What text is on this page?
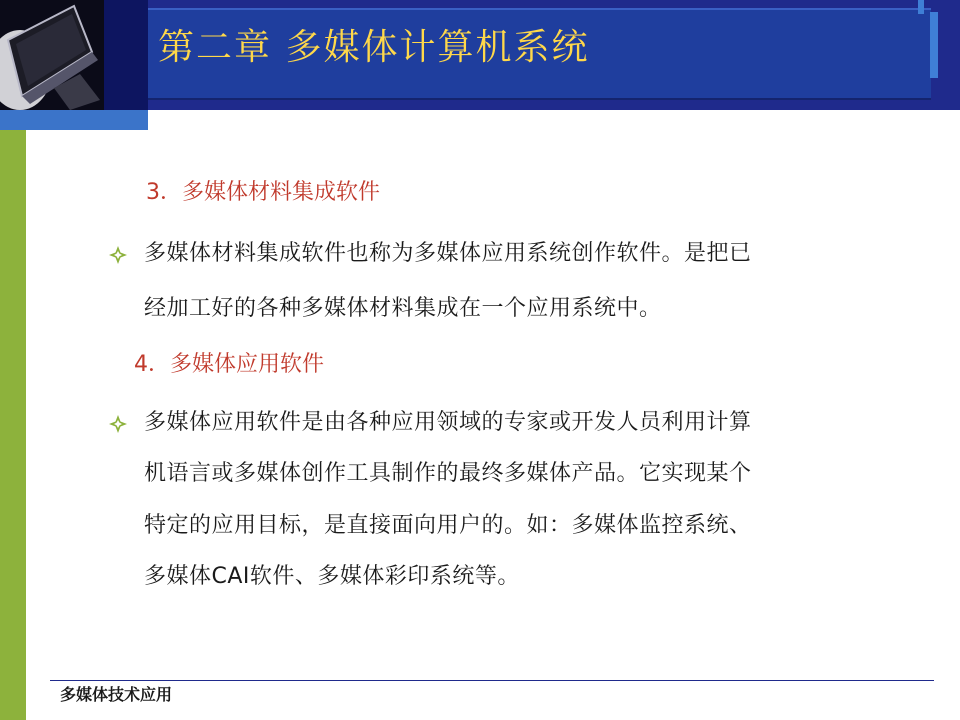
第二章 多媒体计算机系统
3．多媒体材料集成软件
多媒体材料集成软件也称为多媒体应用系统创作软件。是把已
经加工好的各种多媒体材料集成在一个应用系统中。
4．多媒体应用软件
多媒体应用软件是由各种应用领域的专家或开发人员利用计算
机语言或多媒体创作工具制作的最终多媒体产品。它实现某个
特定的应用目标，是直接面向用户的。如：多媒体监控系统、
多媒体CAI软件、多媒体彩印系统等。
多媒体技术应用
